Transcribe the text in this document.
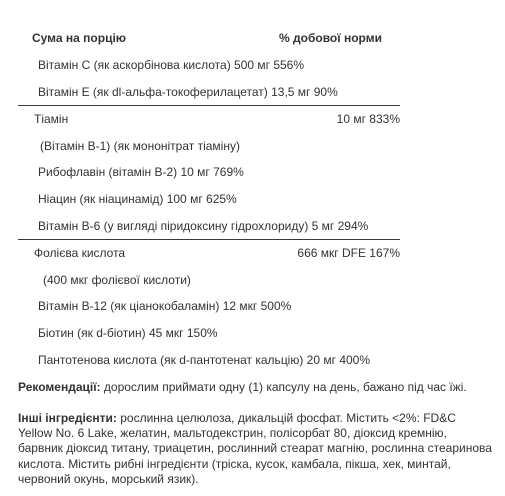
Сума на порцію	% добової норми
Вітамін C (як аскорбінова кислота) 500 мг 556%
Вітамін E (як dl-альфа-токоферилацетат) 13,5 мг 90%
Тіамін	10 мг 833%
(Вітамін B-1) (як мононітрат тіаміну)
Рибофлавін (вітамін B-2) 10 мг 769%
Ніацин (як ніацинамід) 100 мг 625%
Вітамін B-6 (у вигляді піридоксину гідрохлориду) 5 мг 294%
Фолієва кислота	666 мкг DFE 167%
(400 мкг фолієвої кислоти)
Вітамін B-12 (як ціанокобаламін) 12 мкг 500%
Біотин (як d-біотин) 45 мкг 150%
Пантотенова кислота (як d-пантотенат кальцію) 20 мг 400%
Рекомендації: дорослим приймати одну (1) капсулу на день, бажано під час їжі.
Інші інгредієнти: рослинна целюлоза, дикальцій фосфат. Містить <2%: FD&C Yellow No. 6 Lake, желатин, мальтодекстрин, полісорбат 80, діоксид кремнію, барвник діоксид титану, триацетин, рослинний стеарат магнію, рослинна стеаринова кислота. Містить рибні інгредієнти (тріска, кусок, камбала, пікша, хек, минтай, червоний окунь, морський язик).
